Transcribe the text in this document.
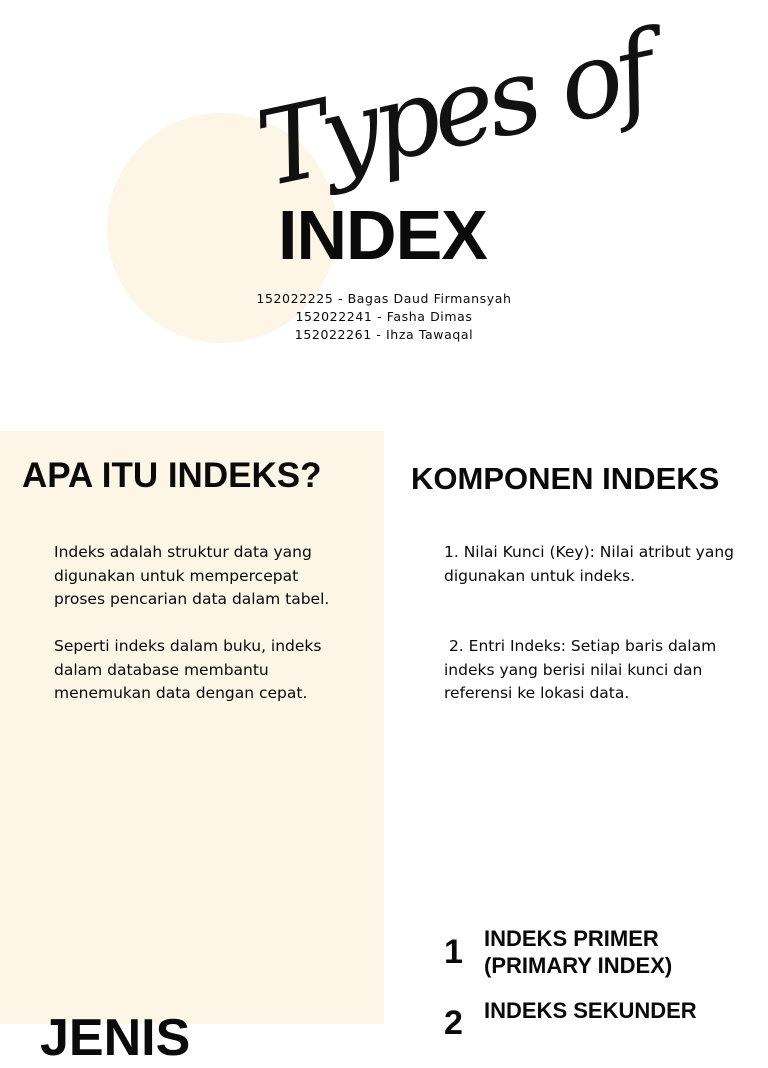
Types of
INDEX
152022225 - Bagas Daud Firmansyah
152022241 - Fasha Dimas
152022261 - Ihza Tawaqal
APA ITU INDEKS?

Indeks adalah struktur data yang digunakan untuk mempercepat proses pencarian data dalam tabel.

Seperti indeks dalam buku, indeks dalam database membantu menemukan data dengan cepat.

KOMPONEN INDEKS

1. Nilai Kunci (Key): Nilai atribut yang digunakan untuk indeks.

2. Entri Indeks: Setiap baris dalam indeks yang berisi nilai kunci dan referensi ke lokasi data.

1 INDEKS PRIMER
(PRIMARY INDEX)
2 INDEKS SEKUNDER
JENIS
